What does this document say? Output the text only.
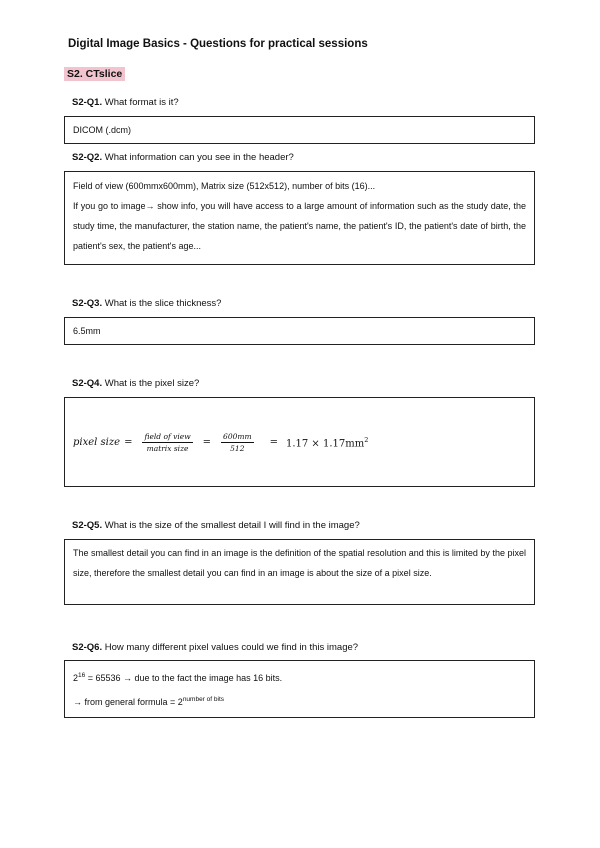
Digital Image Basics - Questions for practical sessions
S2. CTslice
S2-Q1. What format is it?

DICOM (.dcm)

S2-Q2. What information can you see in the header?

Field of view (600mmx600mm), Matrix size (512x512), number of bits (16)...

If you go to image→ show info, you will have access to a large amount of information such as the study date, the study time, the manufacturer, the station name, the patient's name, the patient's ID, the patient's date of birth, the patient's sex, the patient's age...

S2-Q3. What is the slice thickness?

6.5mm

S2-Q4. What is the pixel size?
pixel size = $\frac{\text{field of view}}{\text{matrix size}} = \frac{600mm}{512} = 1.17 \times 1.17mm^2$
S2-Q5. What is the size of the smallest detail I will find in the image?

The smallest detail you can find in an image is the definition of the spatial resolution and this is limited by the pixel size, therefore the smallest detail you can find in an image is about the size of a pixel size.

S2-Q6. How many different pixel values could we find in this image?

$2^{16} = 65536$ → due to the fact the image has 16 bits.

→ from general formula = $2^{number of bits}$
